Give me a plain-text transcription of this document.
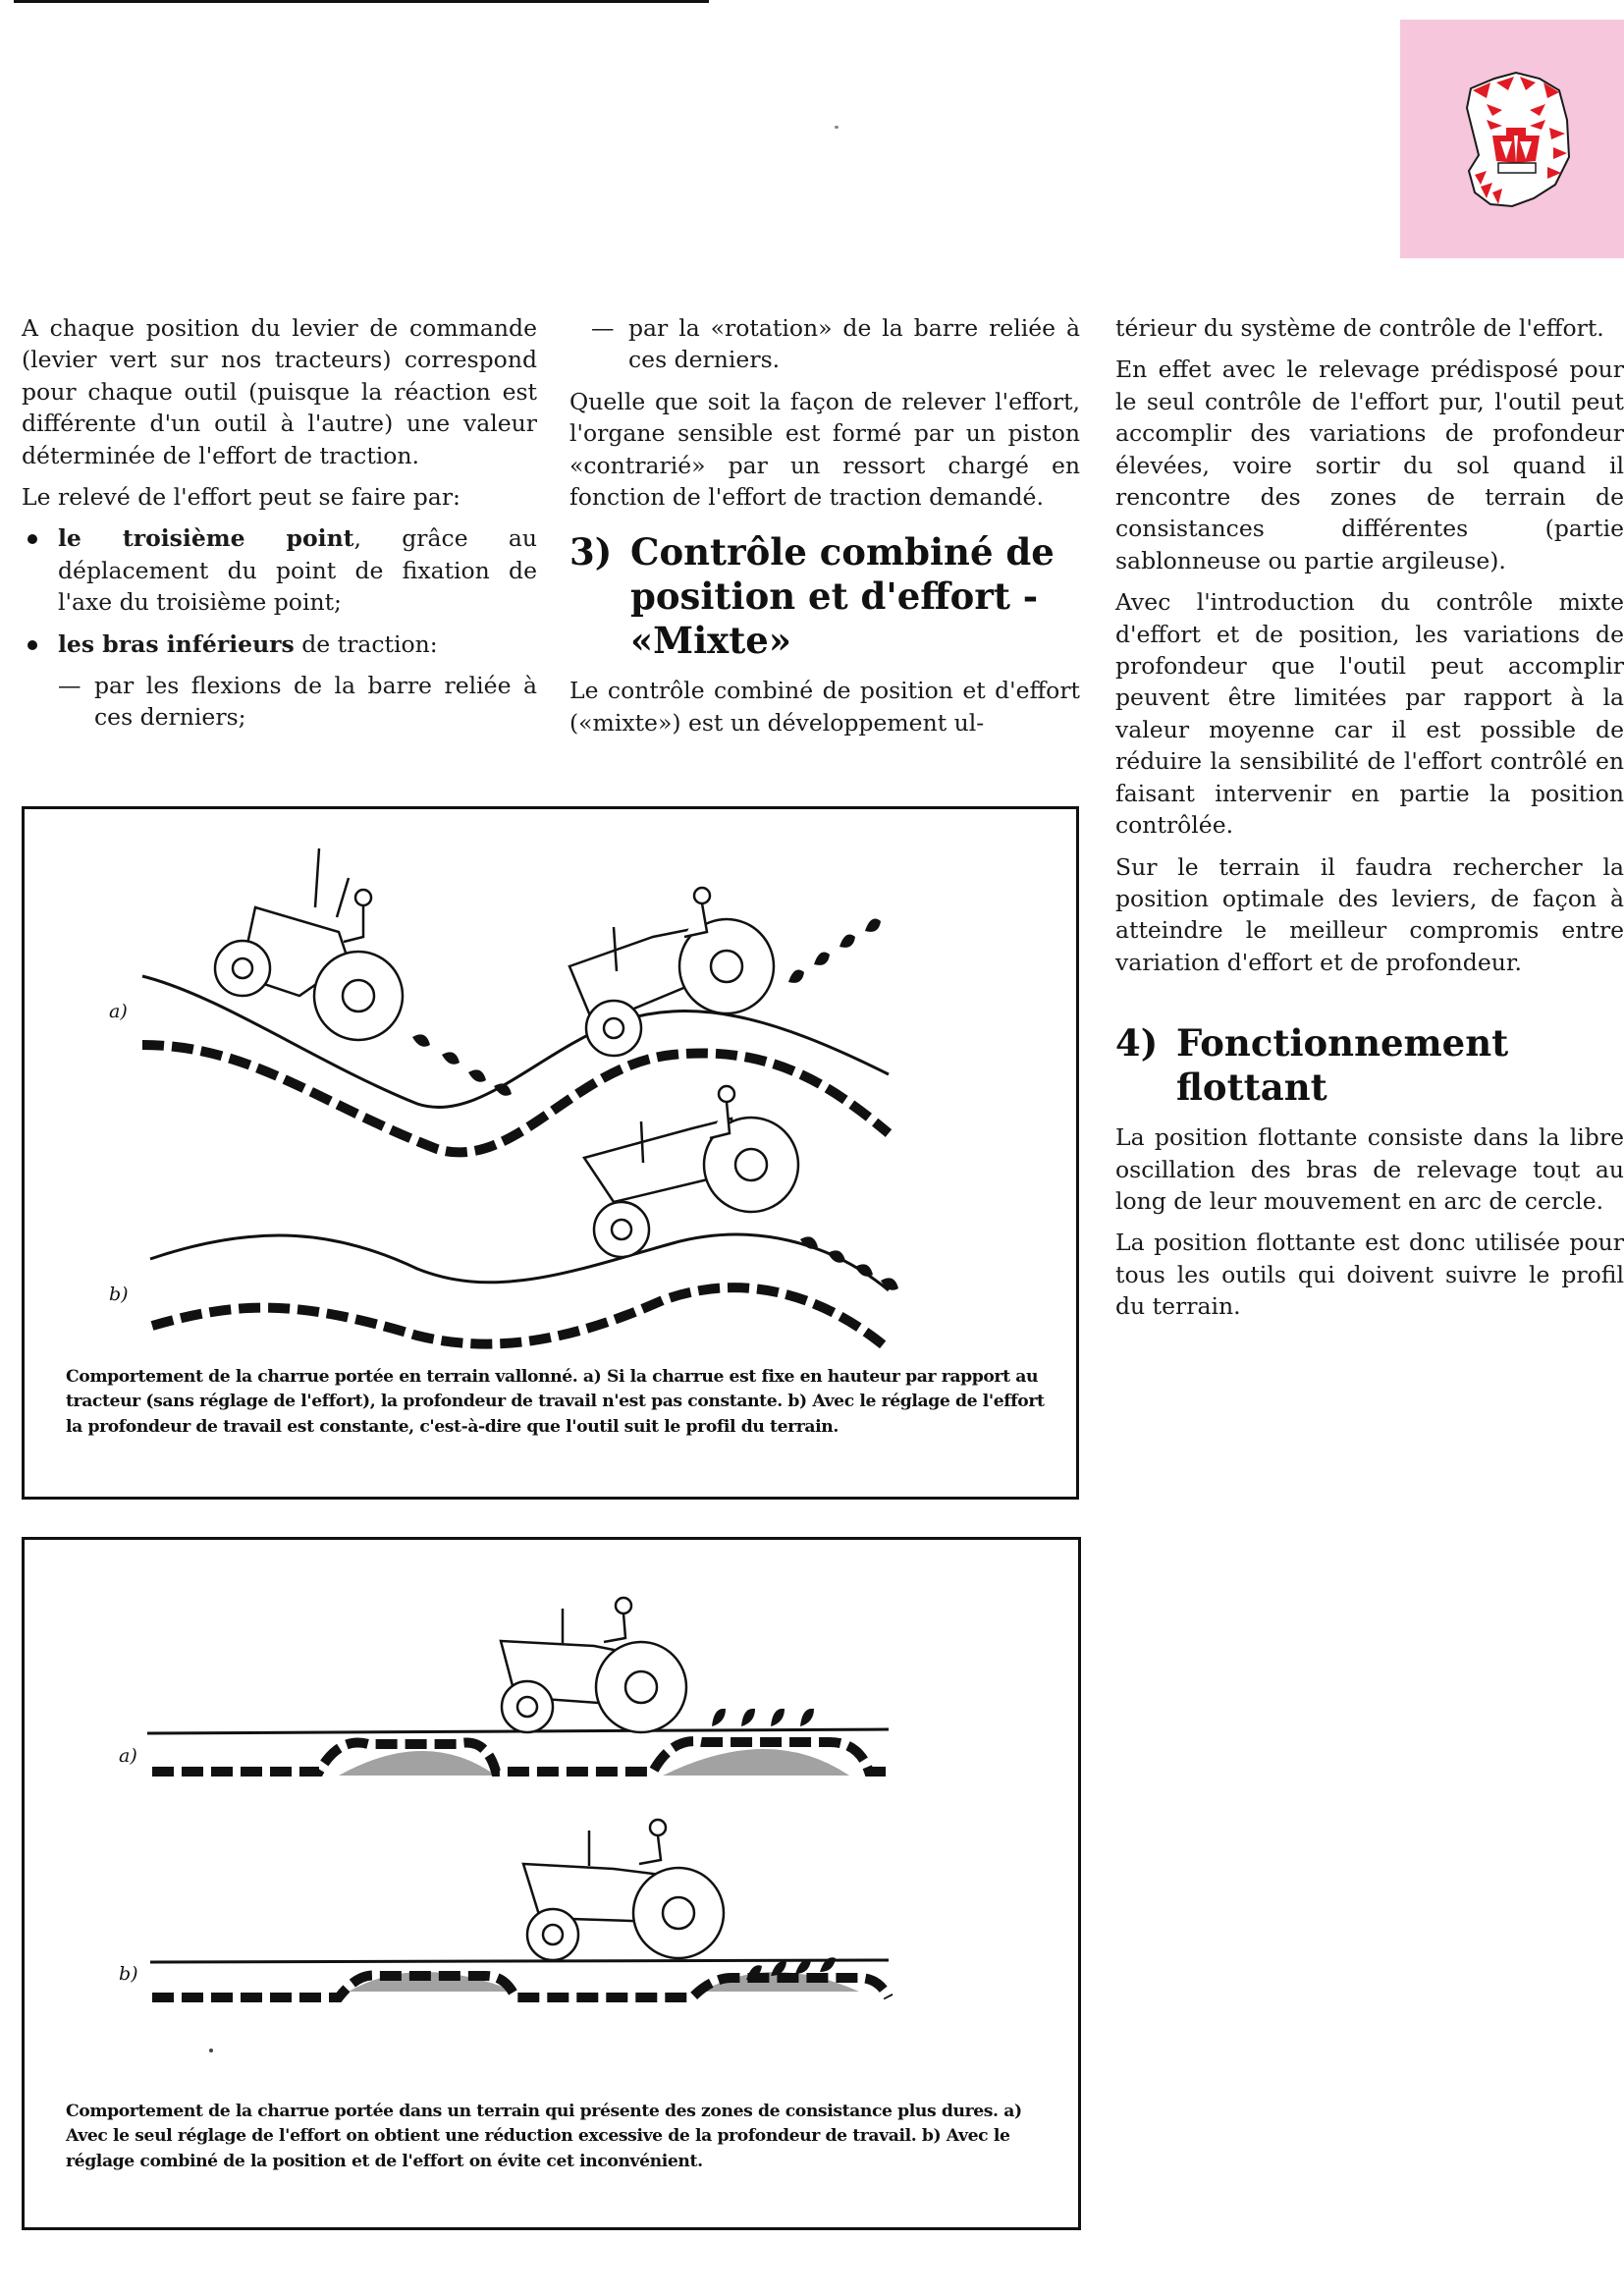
A chaque position du levier de commande (levier vert sur nos tracteurs) correspond pour chaque outil (puisque la réaction est différente d'un outil à l'autre) une valeur déterminée de l'effort de traction.

Le relevé de l'effort peut se faire par:

le troisième point, grâce au déplacement du point de fixation de l'axe du troisième point;
les bras inférieurs de traction:
— par les flexions de la barre reliée à ces derniers;
— par la «rotation» de la barre reliée à ces derniers.

Quelle que soit la façon de relever l'effort, l'organe sensible est formé par un piston «contrarié» par un ressort chargé en fonction de l'effort de traction demandé.

3) Contrôle combiné de position et d'effort - «Mixte»

Le contrôle combiné de position et d'effort («mixte») est un développement ul-

térieur du système de contrôle de l'effort.

En effet avec le relevage prédisposé pour le seul contrôle de l'effort pur, l'outil peut accomplir des variations de profondeur élevées, voire sortir du sol quand il rencontre des zones de terrain de consistances différentes (partie sablonneuse ou partie argileuse).

Avec l'introduction du contrôle mixte d'effort et de position, les variations de profondeur que l'outil peut accomplir peuvent être limitées par rapport à la valeur moyenne car il est possible de réduire la sensibilité de l'effort contrôlé en faisant intervenir en partie la position contrôlée.

Sur le terrain il faudra rechercher la position optimale des leviers, de façon à atteindre le meilleur compromis entre variation d'effort et de profondeur.

4) Fonctionnement flottant

La position flottante consiste dans la libre oscillation des bras de relevage tout au long de leur mouvement en arc de cercle.

La position flottante est donc utilisée pour tous les outils qui doivent suivre le profil du terrain.

a)
b)
Comportement de la charrue portée en terrain vallonné. a) Si la charrue est fixe en hauteur par rapport au tracteur (sans réglage de l'effort), la profondeur de travail n'est pas constante. b) Avec le réglage de l'effort la profondeur de travail est constante, c'est-à-dire que l'outil suit le profil du terrain.
a)
b)
Comportement de la charrue portée dans un terrain qui présente des zones de consistance plus dures. a) Avec le seul réglage de l'effort on obtient une réduction excessive de la profondeur de travail. b) Avec le réglage combiné de la position et de l'effort on évite cet inconvénient.
